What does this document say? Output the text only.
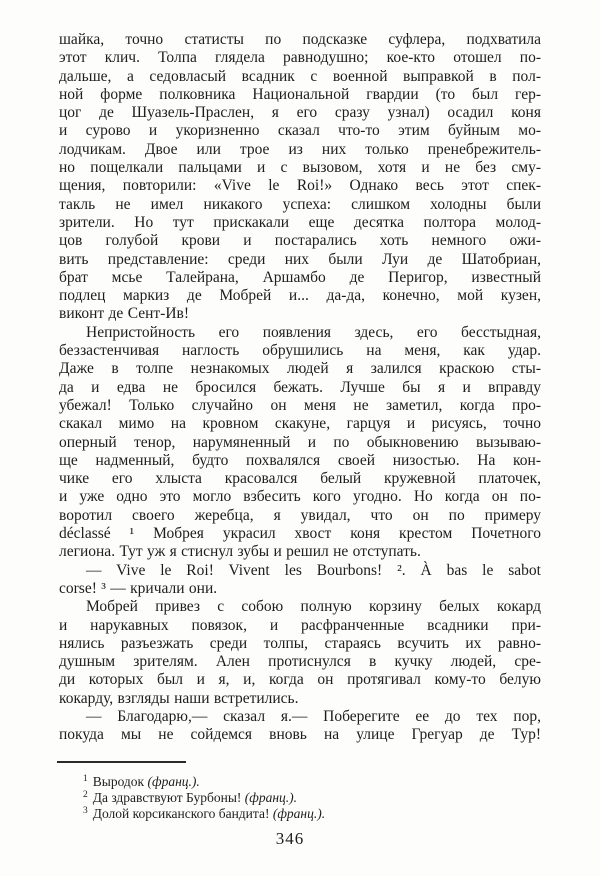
шайка, точно статисты по подсказке суфлера, подхватила
этот клич. Толпа глядела равнодушно; кое-кто отошел по-
дальше, а седовласый всадник с военной выправкой в пол-
ной форме полковника Национальной гвардии (то был гер-
цог де Шуазель-Праслен, я его сразу узнал) осадил коня
и сурово и укоризненно сказал что-то этим буйным мо-
лодчикам. Двое или трое из них только пренебрежитель-
но пощелкали пальцами и с вызовом, хотя и не без сму-
щения, повторили: «Vive le Roi!» Однако весь этот спек-
такль не имел никакого успеха: слишком холодны были
зрители. Но тут прискакали еще десятка полтора молод-
цов голубой крови и постарались хоть немного ожи-
вить представление: среди них были Луи де Шатобриан,
брат мсье Талейрана, Аршамбо де Перигор, известный
подлец маркиз де Мобрей и... да-да, конечно, мой кузен,
виконт де Сент-Ив!
Непристойность его появления здесь, его бесстыдная,
беззастенчивая наглость обрушились на меня, как удар.
Даже в толпе незнакомых людей я залился краскою сты-
да и едва не бросился бежать. Лучше бы я и вправду
убежал! Только случайно он меня не заметил, когда про-
скакал мимо на кровном скакуне, гарцуя и рисуясь, точно
оперный тенор, нарумяненный и по обыкновению вызываю-
ще надменный, будто похвалялся своей низостью. На кон-
чике его хлыста красовался белый кружевной платочек,
и уже одно это могло взбесить кого угодно. Но когда он по-
воротил своего жеребца, я увидал, что он по примеру
déclassé ¹ Мобрея украсил хвост коня крестом Почетного
легиона. Тут уж я стиснул зубы и решил не отступать.
— Vive le Roi! Vivent les Bourbons! ². À bas le sabot
corse! ³ — кричали они.
Мобрей привез с собою полную корзину белых кокард
и нарукавных повязок, и расфранченные всадники при-
нялись разъезжать среди толпы, стараясь всучить их равно-
душным зрителям. Ален протиснулся в кучку людей, сре-
ди которых был и я, и, когда он протягивал кому-то белую
кокарду, взгляды наши встретились.
— Благодарю,— сказал я.— Поберегите ее до тех пор,
покуда мы не сойдемся вновь на улице Грегуар де Тур!
$^1$ Выродок (франц.).
$^2$ Да здравствуют Бурбоны! (франц.).
$^3$ Долой корсиканского бандита! (франц.).
346
